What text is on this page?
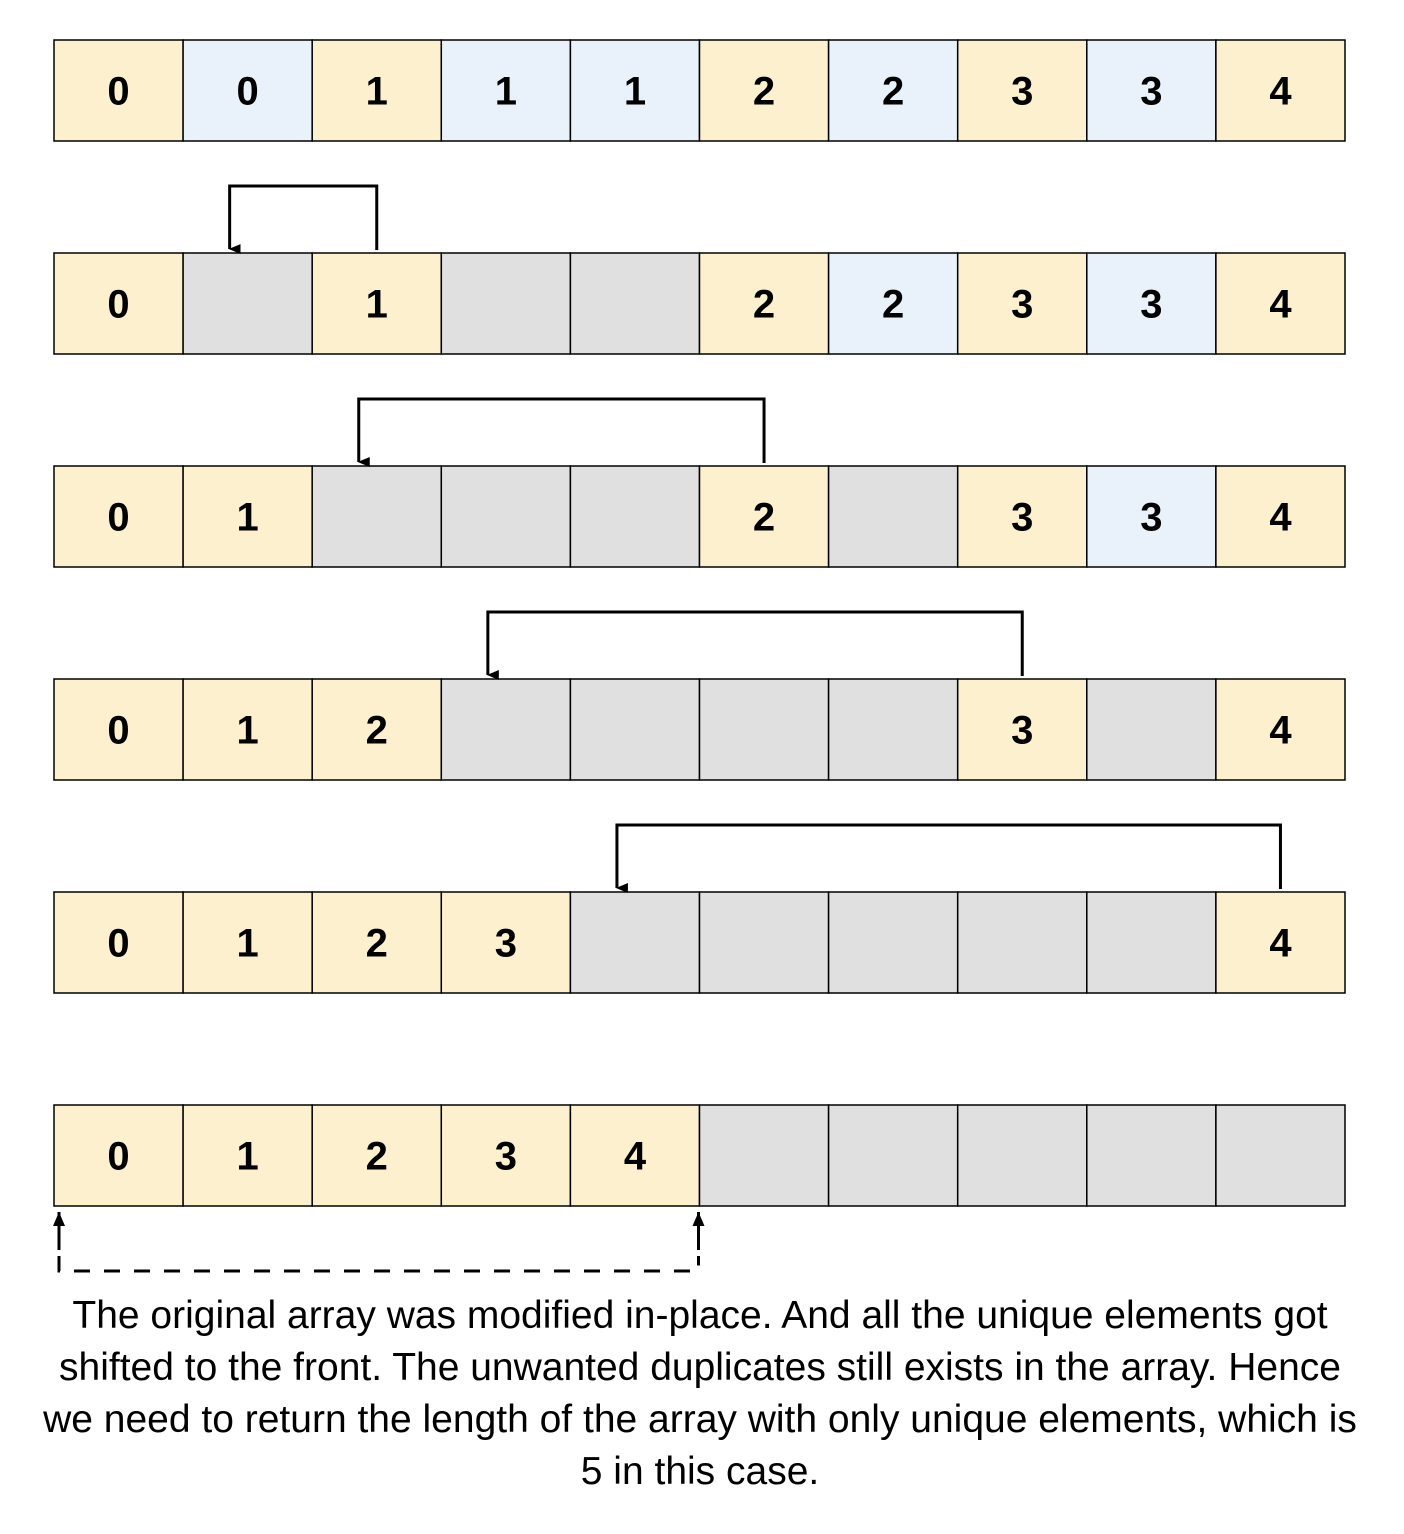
0	0	1	1	1	2	2	3	3	4
0	1	2	2	3	3	4
0	1	2	3	3	4
0	1	2	3	4
0	1	2	3	4
0	1	2	3	4
The original array was modified in-place. And all the unique elements got shifted to the front. The unwanted duplicates still exists in the array. Hence we need to return the length of the array with only unique elements, which is 5 in this case.
